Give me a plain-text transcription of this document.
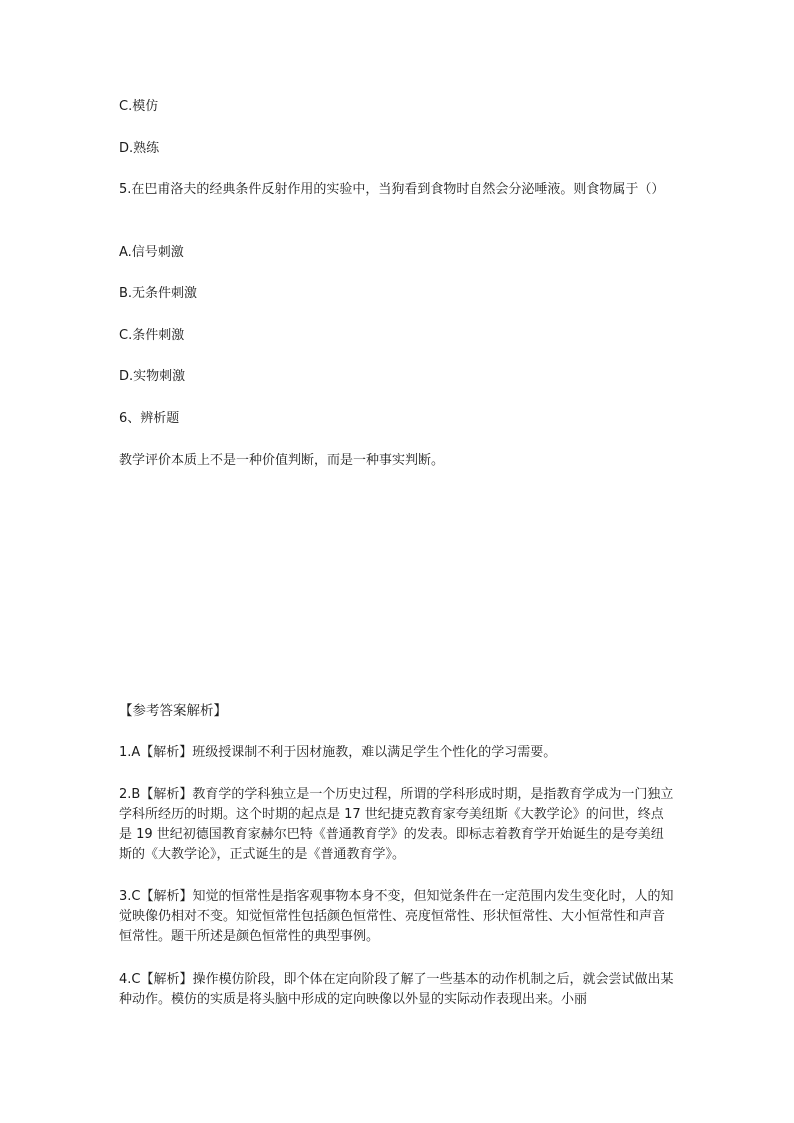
C.模仿
D.熟练
5.在巴甫洛夫的经典条件反射作用的实验中，当狗看到食物时自然会分泌唾液。则食物属于（）
A.信号刺激
B.无条件刺激
C.条件刺激
D.实物刺激
6、辨析题
教学评价本质上不是一种价值判断，而是一种事实判断。
【参考答案解析】
1.A【解析】班级授课制不利于因材施教，难以满足学生个性化的学习需要。
2.B【解析】教育学的学科独立是一个历史过程，所谓的学科形成时期，是指教育学成为一门独立学科所经历的时期。这个时期的起点是 17 世纪捷克教育家夸美纽斯《大教学论》的问世，终点是 19 世纪初德国教育家赫尔巴特《普通教育学》的发表。即标志着教育学开始诞生的是夸美纽斯的《大教学论》，正式诞生的是《普通教育学》。
3.C【解析】知觉的恒常性是指客观事物本身不变，但知觉条件在一定范围内发生变化时，人的知觉映像仍相对不变。知觉恒常性包括颜色恒常性、亮度恒常性、形状恒常性、大小恒常性和声音恒常性。题干所述是颜色恒常性的典型事例。
4.C【解析】操作模仿阶段，即个体在定向阶段了解了一些基本的动作机制之后，就会尝试做出某种动作。模仿的实质是将头脑中形成的定向映像以外显的实际动作表现出来。小丽
